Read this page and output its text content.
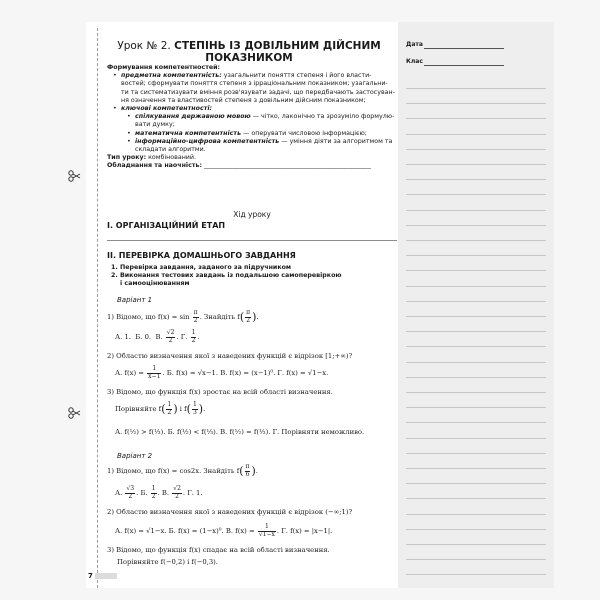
Дата
Клас
Урок № 2. СТЕПІНЬ ІЗ ДОВІЛЬНИМ ДІЙСНИМ ПОКАЗНИКОМ
Формування компетентностей:
• предметна компетентність: узагальнити поняття степеня і його власти-
востей; сформувати поняття степеня з ірраціональним показником; узагальни-
ти та систематизувати вміння розв'язувати задачі, що передбачають застосуван-
ня означення та властивостей степеня з довільним дійсним показником;
• ключові компетентності:
• спілкування державною мовою — чітко, лаконічно та зрозуміло формулю-
вати думку;
• математична компетентність — оперувати числовою інформацією;
• інформаційно-цифрова компетентність — уміння діяти за алгоритмом та
складати алгоритми.
Тип уроку: комбінований.
Обладнання та наочність: _____________________________________________________
Хід уроку
I. ОРГАНІЗАЦІЙНИЙ ЕТАП
II. ПЕРЕВІРКА ДОМАШНЬОГО ЗАВДАННЯ
1. Перевірка завдання, заданого за підручником
2. Виконання тестових завдань із подальшою самоперевіркою
і самооцінюванням
Варіант 1
1) Відомо, що $f(x) = \sin \frac{\pi}{2}$ . Знайдіть $f( \frac{\pi}{2}$ ).
А. 1. Б. 0. В. $\frac{√2}{2}$ . Г. $\frac{1}{2}$ .
2) Областю визначення якої з наведених функцій є відрізок [1;+∞)?
А. $f(x) = \frac{1}{x-1}$ . Б. f(x) = √x−1. В. f(x) = (x−1)⁰. Г. f(x) = √1−x.
3) Відомо, що функція f(x) зростає на всій області визначення.
Порівняйте $f( \frac{1}{2}$ ) і $f( \frac{1}{3}$ ).
А. f(½) > f(⅓). Б. f(½) < f(⅓). В. f(½) = f(⅓). Г. Порівняти неможливо.
Варіант 2
1) Відомо, що f(x) = cos2x. Знайдіть $f( \frac{\pi}{6}$ ).
А. $\frac{√3}{2}$ . Б. $\frac{1}{2}$ . В. $\frac{√2}{2}$ . Г. 1.
2) Областю визначення якої з наведених функцій є відрізок (−∞;1)?
А. f(x) = √1−x. Б. f(x) = (1−x)⁰. В. $f(x) = \frac{1}{√1-x}$ . Г. f(x) = |x−1|.
3) Відомо, що функція f(x) спадає на всій області визначення.
Порівняйте f(−0,2) і f(−0,3).
7
